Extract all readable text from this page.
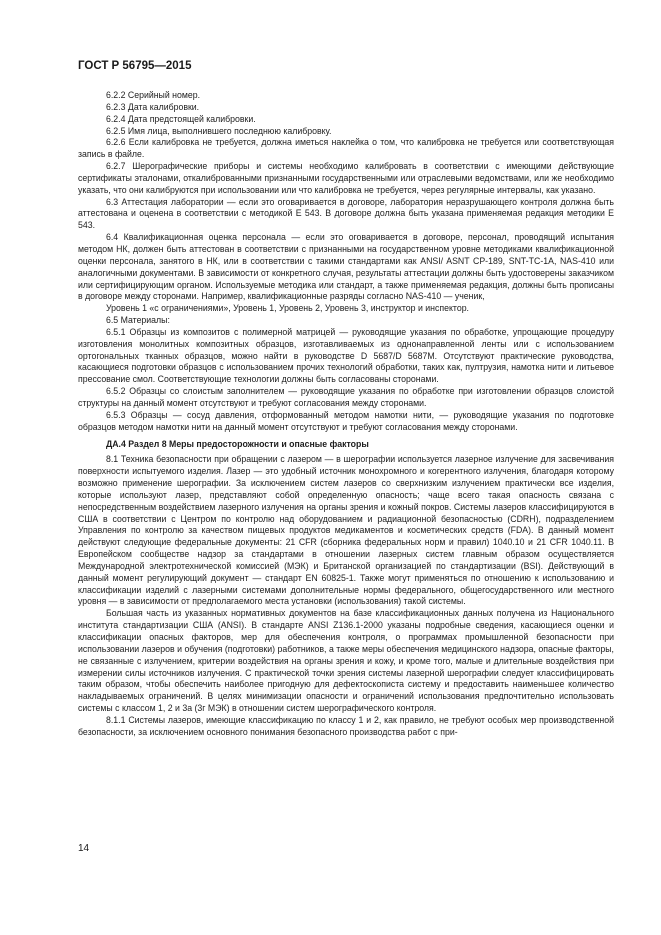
ГОСТ Р 56795—2015

6.2.2 Серийный номер.

6.2.3 Дата калибровки.

6.2.4 Дата предстоящей калибровки.

6.2.5 Имя лица, выполнившего последнюю калибровку.

6.2.6 Если калибровка не требуется, должна иметься наклейка о том, что калибровка не требуется или соответствующая запись в файле.

6.2.7 Шерографические приборы и системы необходимо калибровать в соответствии с имеющими действующие сертификаты эталонами, откалиброванными признанными государственными или отраслевыми ведомствами, или же необходимо указать, что они калибруются при использовании или что калибровка не требуется, через регулярные интервалы, как указано.

6.3 Аттестация лаборатории — если это оговаривается в договоре, лаборатория неразрушающего контроля должна быть аттестована и оценена в соответствии с методикой Е 543. В договоре должна быть указана применяемая редакция методики Е 543.

6.4 Квалификационная оценка персонала — если это оговаривается в договоре, персонал, проводящий испытания методом НК, должен быть аттестован в соответствии с признанными на государственном уровне методиками квалификационной оценки персонала, занятого в НК, или в соответствии с такими стандартами как ANSI/ ASNT CP-189, SNT-TC-1A, NAS-410 или аналогичными документами. В зависимости от конкретного случая, результаты аттестации должны быть удостоверены заказчиком или сертифицирующим органом. Используемые методика или стандарт, а также применяемая редакция, должны быть прописаны в договоре между сторонами. Например, квалификационные разряды согласно NAS-410 — ученик,

Уровень 1 «с ограничениями», Уровень 1, Уровень 2, Уровень 3, инструктор и инспектор.

6.5 Материалы:

6.5.1 Образцы из композитов с полимерной матрицей — руководящие указания по обработке, упрощающие процедуру изготовления монолитных композитных образцов, изготавливаемых из однонаправленной ленты или с использованием ортогональных тканных образцов, можно найти в руководстве D 5687/D 5687M. Отсутствуют практические руководства, касающиеся подготовки образцов с использованием прочих технологий обработки, таких как, пултрузия, намотка нити и литьевое прессование смол. Соответствующие технологии должны быть согласованы сторонами.

6.5.2 Образцы со слоистым заполнителем — руководящие указания по обработке при изготовлении образцов слоистой структуры на данный момент отсутствуют и требуют согласования между сторонами.

6.5.3 Образцы — сосуд давления, отформованный методом намотки нити, — руководящие указания по подготовке образцов методом намотки нити на данный момент отсутствуют и требуют согласования между сторонами.

ДА.4 Раздел 8 Меры предосторожности и опасные факторы

8.1 Техника безопасности при обращении с лазером — в шерографии используется лазерное излучение для засвечивания поверхности испытуемого изделия. Лазер — это удобный источник монохромного и когерентного излучения, благодаря которому возможно применение шерографии. За исключением систем лазеров со сверхнизким излучением практически все изделия, которые используют лазер, представляют собой определенную опасность; чаще всего такая опасность связана с непосредственным воздействием лазерного излучения на органы зрения и кожный покров. Системы лазеров классифицируются в США в соответствии с Центром по контролю над оборудованием и радиационной безопасностью (CDRH), подразделением Управления по контролю за качеством пищевых продуктов медикаментов и косметических средств (FDA). В данный момент действуют следующие федеральные документы: 21 CFR (сборника федеральных норм и правил) 1040.10 и 21 CFR 1040.11. В Европейском сообществе надзор за стандартами в отношении лазерных систем главным образом осуществляется Международной электротехнической комиссией (МЭК) и Британской организацией по стандартизации (BSI). Действующий в данный момент регулирующий документ — стандарт EN 60825-1. Также могут применяться по отношению к использованию и классификации изделий с лазерными системами дополнительные нормы федерального, общегосударственного или местного уровня — в зависимости от предполагаемого места установки (использования) такой системы.

Большая часть из указанных нормативных документов на базе классификационных данных получена из Национального института стандартизации США (ANSI). В стандарте ANSI Z136.1-2000 указаны подробные сведения, касающиеся оценки и классификации опасных факторов, мер для обеспечения контроля, о программах промышленной безопасности при использовании лазеров и обучения (подготовки) работников, а также меры обеспечения медицинского надзора, опасные факторы, не связанные с излучением, критерии воздействия на органы зрения и кожу, и кроме того, малые и длительные воздействия при измерении силы источников излучения. С практической точки зрения системы лазерной шерографии следует классифицировать таким образом, чтобы обеспечить наиболее пригодную для дефектоскописта систему и предоставить наименьшее количество накладываемых ограничений. В целях минимизации опасности и ограничений использования предпочтительно использовать системы с классом 1, 2 и 3а (3г МЭК) в отношении систем шерографического контроля.

8.1.1 Системы лазеров, имеющие классификацию по классу 1 и 2, как правило, не требуют особых мер производственной безопасности, за исключением основного понимания безопасного производства работ с при-

14
